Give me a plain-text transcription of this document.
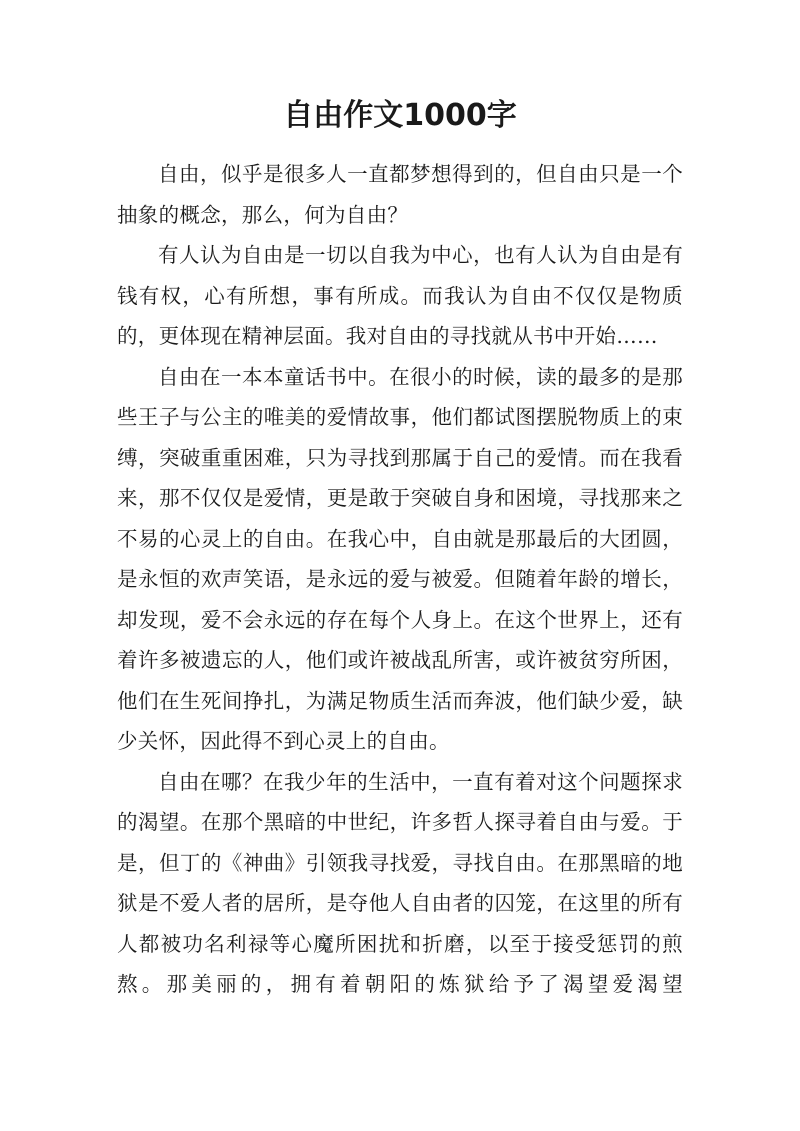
自由作文1000字

自由，似乎是很多人一直都梦想得到的，但自由只是一个抽象的概念，那么，何为自由？

有人认为自由是一切以自我为中心，也有人认为自由是有钱有权，心有所想，事有所成。而我认为自由不仅仅是物质的，更体现在精神层面。我对自由的寻找就从书中开始……

自由在一本本童话书中。在很小的时候，读的最多的是那些王子与公主的唯美的爱情故事，他们都试图摆脱物质上的束缚，突破重重困难，只为寻找到那属于自己的爱情。而在我看来，那不仅仅是爱情，更是敢于突破自身和困境，寻找那来之不易的心灵上的自由。在我心中，自由就是那最后的大团圆，是永恒的欢声笑语，是永远的爱与被爱。但随着年龄的增长，却发现，爱不会永远的存在每个人身上。在这个世界上，还有着许多被遗忘的人，他们或许被战乱所害，或许被贫穷所困，他们在生死间挣扎，为满足物质生活而奔波，他们缺少爱，缺少关怀，因此得不到心灵上的自由。

自由在哪？在我少年的生活中，一直有着对这个问题探求的渴望。在那个黑暗的中世纪，许多哲人探寻着自由与爱。于是，但丁的《神曲》引领我寻找爱，寻找自由。在那黑暗的地狱是不爱人者的居所，是夺他人自由者的囚笼，在这里的所有人都被功名利禄等心魔所困扰和折磨，以至于接受惩罚的煎熬。那美丽的，拥有着朝阳的炼狱给予了渴望爱渴望
